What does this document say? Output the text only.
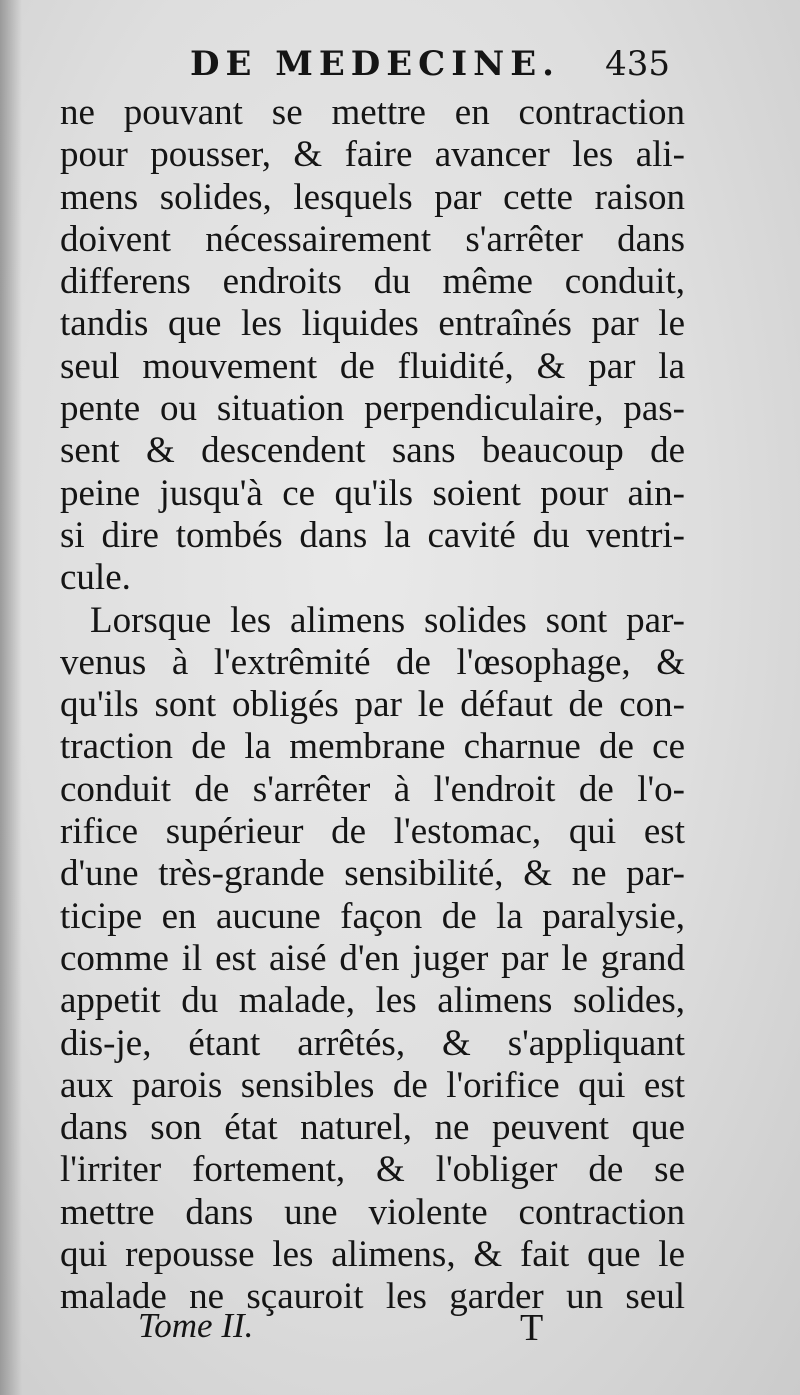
DE MEDECINE. 435
ne pouvant se mettre en contraction
pour pousser, & faire avancer les ali-
mens solides, lesquels par cette raison
doivent nécessairement s'arrêter dans
differens endroits du même conduit,
tandis que les liquides entraînés par le
seul mouvement de fluidité, & par la
pente ou situation perpendiculaire, pas-
sent & descendent sans beaucoup de
peine jusqu'à ce qu'ils soient pour ain-
si dire tombés dans la cavité du ventri-
cule.
Lorsque les alimens solides sont par-
venus à l'extrêmité de l'œsophage, &
qu'ils sont obligés par le défaut de con-
traction de la membrane charnue de ce
conduit de s'arrêter à l'endroit de l'o-
rifice supérieur de l'estomac, qui est
d'une très-grande sensibilité, & ne par-
ticipe en aucune façon de la paralysie,
comme il est aisé d'en juger par le grand
appetit du malade, les alimens solides,
dis-je, étant arrêtés, & s'appliquant
aux parois sensibles de l'orifice qui est
dans son état naturel, ne peuvent que
l'irriter fortement, & l'obliger de se
mettre dans une violente contraction
qui repousse les alimens, & fait que le
malade ne sçauroit les garder un seul
Tome II.	T
